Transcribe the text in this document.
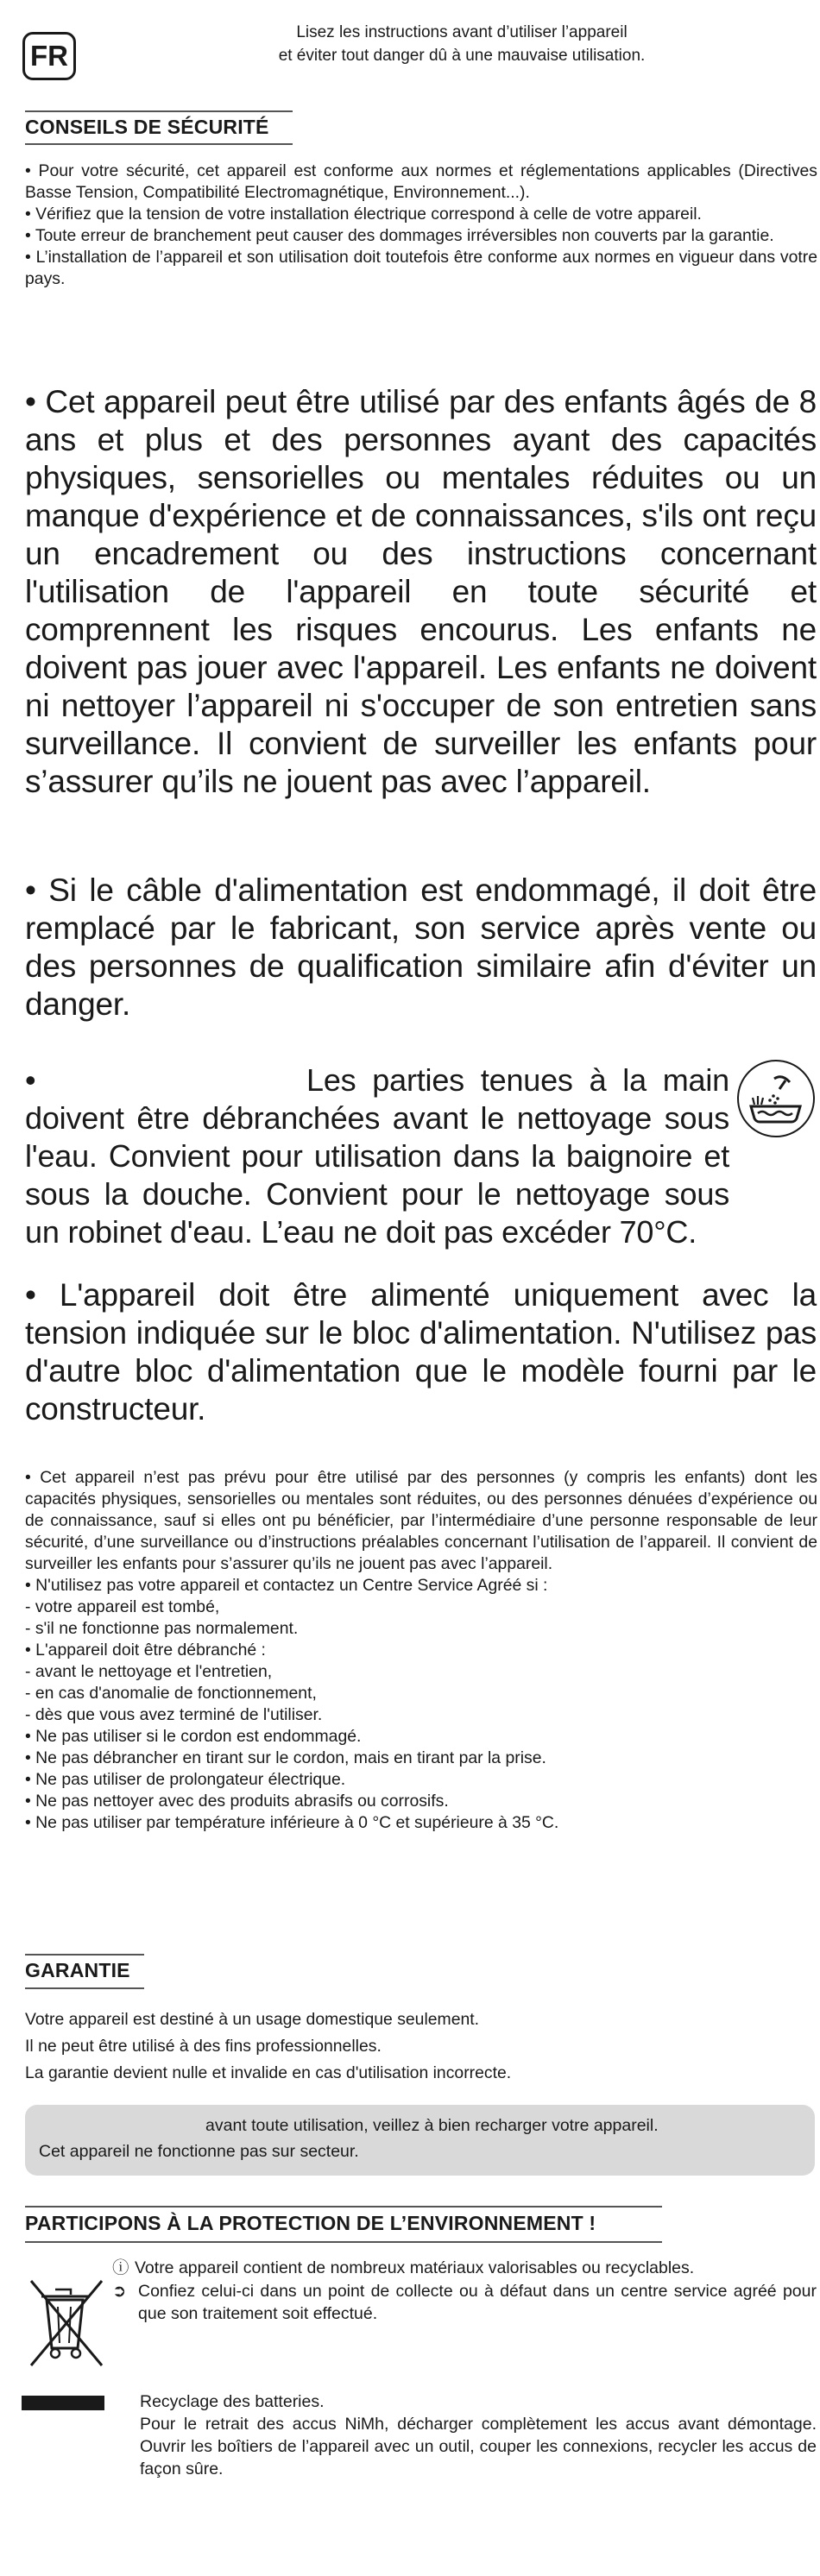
FR
Lisez les instructions avant d’utiliser l’appareil
et éviter tout danger dû à une mauvaise utilisation.
CONSEILS DE SÉCURITÉ

• Pour votre sécurité, cet appareil est conforme aux normes et réglementations applicables (Directives Basse Tension, Compatibilité Electromagnétique, Environnement...).

• Vérifiez que la tension de votre installation électrique correspond à celle de votre appareil.

• Toute erreur de branchement peut causer des dommages irréversibles non couverts par la garantie.

• L’installation de l’appareil et son utilisation doit toutefois être conforme aux normes en vigueur dans votre pays.

• Cet appareil peut être utilisé par des enfants âgés de 8 ans et plus et des personnes ayant des capacités physiques, sensorielles ou mentales réduites ou un manque d'expérience et de connaissances, s'ils ont reçu un encadrement ou des instructions concernant l'utilisation de l'appareil en toute sécurité et comprennent les risques encourus. Les enfants ne doivent pas jouer avec l'appareil. Les enfants ne doivent ni nettoyer l’appareil ni s'occuper de son entretien sans surveillance. Il convient de surveiller les enfants pour s’assurer qu’ils ne jouent pas avec l’appareil.
• Si le câble d'alimentation est endommagé, il doit être remplacé par le fabricant, son service après vente ou des personnes de qualification similaire afin d'éviter un danger.
•	Les parties tenues à la main doivent être débranchées avant le nettoyage sous l'eau. Convient pour utilisation dans la baignoire et sous la douche. Convient pour le nettoyage sous un robinet d'eau. L’eau ne doit pas excéder 70°C.
• L'appareil doit être alimenté uniquement avec la tension indiquée sur le bloc d'alimentation. N'utilisez pas d'autre bloc d'alimentation que le modèle fourni par le constructeur.

• Cet appareil n’est pas prévu pour être utilisé par des personnes (y compris les enfants) dont les capacités physiques, sensorielles ou mentales sont réduites, ou des personnes dénuées d’expérience ou de connaissance, sauf si elles ont pu bénéficier, par l’intermédiaire d’une personne responsable de leur sécurité, d’une surveillance ou d’instructions préalables concernant l’utilisation de l’appareil. Il convient de surveiller les enfants pour s’assurer qu’ils ne jouent pas avec l’appareil.

• N'utilisez pas votre appareil et contactez un Centre Service Agréé si :

- votre appareil est tombé,

- s'il ne fonctionne pas normalement.

• L'appareil doit être débranché :

- avant le nettoyage et l'entretien,

- en cas d'anomalie de fonctionnement,

- dès que vous avez terminé de l'utiliser.

• Ne pas utiliser si le cordon est endommagé.

• Ne pas débrancher en tirant sur le cordon, mais en tirant par la prise.

• Ne pas utiliser de prolongateur électrique.

• Ne pas nettoyer avec des produits abrasifs ou corrosifs.

• Ne pas utiliser par température inférieure à 0 °C et supérieure à 35 °C.

GARANTIE

Votre appareil est destiné à un usage domestique seulement.

Il ne peut être utilisé à des fins professionnelles.

La garantie devient nulle et invalide en cas d'utilisation incorrecte.

avant toute utilisation, veillez à bien recharger votre appareil.
Cet appareil ne fonctionne pas sur secteur.
PARTICIPONS À LA PROTECTION DE L’ENVIRONNEMENT !
ⓘ Votre appareil contient de nombreux matériaux valorisables ou recyclables.
➲ Confiez celui-ci dans un point de collecte ou à défaut dans un centre service agréé pour que son traitement soit effectué.
Recyclage des batteries.
Pour le retrait des accus NiMh, décharger complètement les accus avant démontage. Ouvrir les boîtiers de l’appareil avec un outil, couper les connexions, recycler les accus de façon sûre.
